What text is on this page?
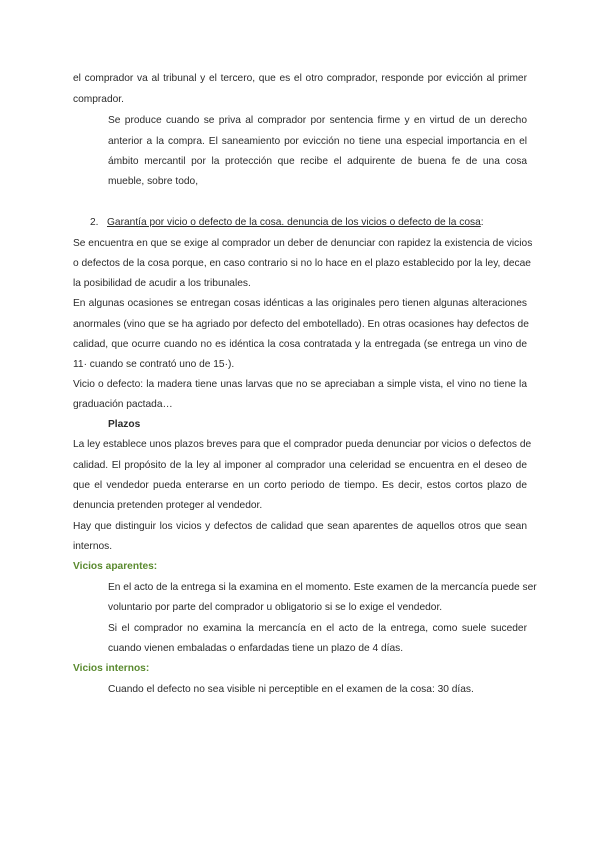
el comprador va al tribunal y el tercero, que es el otro comprador, responde por evicción al primer
comprador.
Se produce cuando se priva al comprador por sentencia firme y en virtud de un derecho
anterior a la compra. El saneamiento por evicción no tiene una especial importancia en el
ámbito mercantil por la protección que recibe el adquirente de buena fe de una cosa
mueble, sobre todo,
2. Garantía por vicio o defecto de la cosa. denuncia de los vicios o defecto de la cosa:
Se encuentra en que se exige al comprador un deber de denunciar con rapidez la existencia de vicios
o defectos de la cosa porque, en caso contrario si no lo hace en el plazo establecido por la ley, decae
la posibilidad de acudir a los tribunales.
En algunas ocasiones se entregan cosas idénticas a las originales pero tienen algunas alteraciones
anormales (vino que se ha agriado por defecto del embotellado). En otras ocasiones hay defectos de
calidad, que ocurre cuando no es idéntica la cosa contratada y la entregada (se entrega un vino de
11· cuando se contrató uno de 15·).
Vicio o defecto: la madera tiene unas larvas que no se apreciaban a simple vista, el vino no tiene la
graduación pactada…
Plazos
La ley establece unos plazos breves para que el comprador pueda denunciar por vicios o defectos de
calidad. El propósito de la ley al imponer al comprador una celeridad se encuentra en el deseo de
que el vendedor pueda enterarse en un corto periodo de tiempo. Es decir, estos cortos plazo de
denuncia pretenden proteger al vendedor.
Hay que distinguir los vicios y defectos de calidad que sean aparentes de aquellos otros que sean
internos.
Vicios aparentes:
En el acto de la entrega si la examina en el momento. Este examen de la mercancía puede ser
voluntario por parte del comprador u obligatorio si se lo exige el vendedor.
Si el comprador no examina la mercancía en el acto de la entrega, como suele suceder
cuando vienen embaladas o enfardadas tiene un plazo de 4 días.
Vicios internos:
Cuando el defecto no sea visible ni perceptible en el examen de la cosa: 30 días.
